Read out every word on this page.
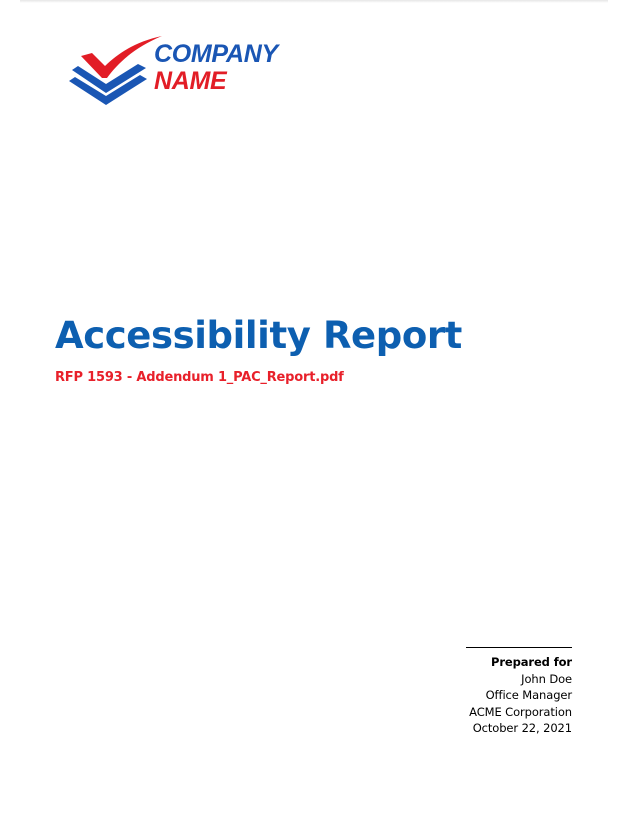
COMPANY
NAME
Accessibility Report
RFP 1593 - Addendum 1_PAC_Report.pdf
Prepared for
John Doe
Office Manager
ACME Corporation
October 22, 2021
